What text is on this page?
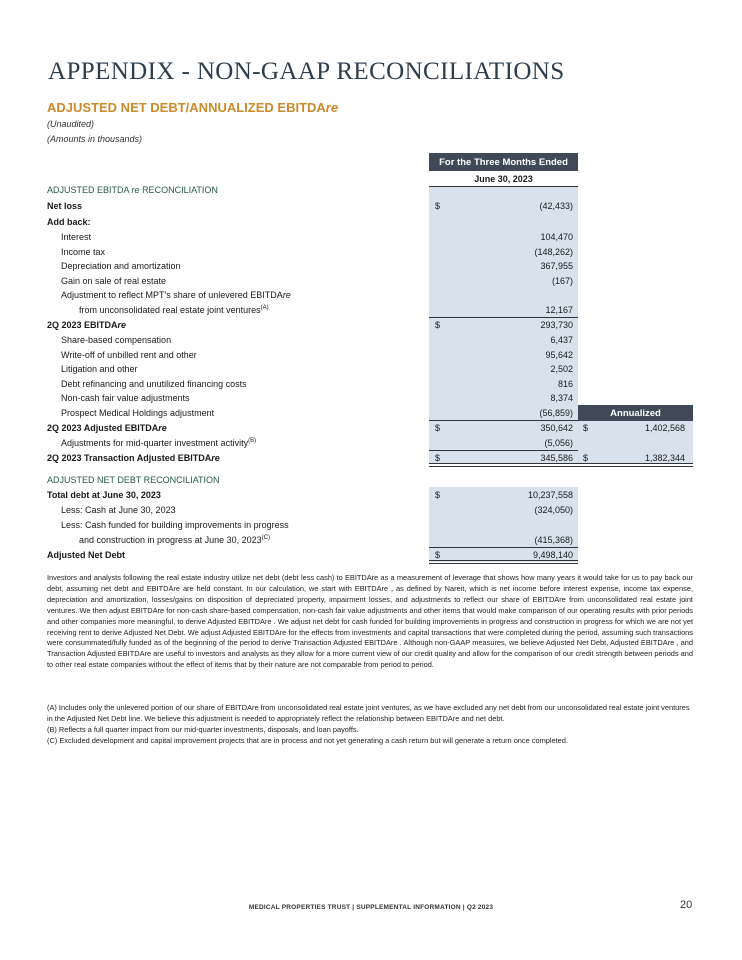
APPENDIX - NON-GAAP RECONCILIATIONS
ADJUSTED NET DEBT/ANNUALIZED EBITDAre
(Unaudited)
(Amounts in thousands)
For the Three Months Ended
June 30, 2023
Annualized
ADJUSTED EBITDA re RECONCILIATION
Net loss	$	(42,433)
Add back:
Interest	104,470
Income tax	(148,262)
Depreciation and amortization	367,955
Gain on sale of real estate	(167)
Adjustment to reflect MPT's share of unlevered EBITDAre
from unconsolidated real estate joint ventures$^{(A)}$	12,167
2Q 2023 EBITDAre	$	293,730
Share-based compensation	6,437
Write-off of unbilled rent and other	95,642
Litigation and other	2,502
Debt refinancing and unutilized financing costs	816
Non-cash fair value adjustments	8,374
Prospect Medical Holdings adjustment	(56,859)
2Q 2023 Adjusted EBITDAre	$	350,642 $	1,402,568
Adjustments for mid-quarter investment activity$^{(B)}$	(5,056)
2Q 2023 Transaction Adjusted EBITDAre	$	345,586 $	1,382,344
ADJUSTED NET DEBT RECONCILIATION
Total debt at June 30, 2023	$	10,237,558
Less: Cash at June 30, 2023	(324,050)
Less: Cash funded for building improvements in progress
and construction in progress at June 30, $2023^{(C)}$	(415,368)
Adjusted Net Debt	$	9,498,140

Investors and analysts following the real estate industry utilize net debt (debt less cash) to EBITDAre as a measurement of leverage that shows how many years it would take for us to pay back our debt, assuming net debt and EBITDAre are held constant. In our calculation, we start with EBITDAre , as defined by Nareit, which is net income before interest expense, income tax expense, depreciation and amortization, losses/gains on disposition of depreciated property, impairment losses, and adjustments to reflect our share of EBITDAre from unconsolidated real estate joint ventures. We then adjust EBITDAre for non-cash share-based compensation, non-cash fair value adjustments and other items that would make comparison of our operating results with prior periods and other companies more meaningful, to derive Adjusted EBITDAre . We adjust net debt for cash funded for building improvements in progress and construction in progress for which we are not yet receiving rent to derive Adjusted Net Debt. We adjust Adjusted EBITDAre for the effects from investments and capital transactions that were completed during the period, assuming such transactions were consummated/fully funded as of the beginning of the period to derive Transaction Adjusted EBITDAre . Although non-GAAP measures, we believe Adjusted Net Debt, Adjusted EBITDAre , and Transaction Adjusted EBITDAre are useful to investors and analysts as they allow for a more current view of our credit quality and allow for the comparison of our credit strength between periods and to other real estate companies without the effect of items that by their nature are not comparable from period to period.

(A) Includes only the unlevered portion of our share of EBITDAre from unconsolidated real estate joint ventures, as we have excluded any net debt from our unconsolidated real estate joint ventures in the Adjusted Net Debt line. We believe this adjustment is needed to appropriately reflect the relationship between EBITDAre and net debt.
(B) Reflects a full quarter impact from our mid-quarter investments, disposals, and loan payoffs.
(C) Excluded development and capital improvement projects that are in process and not yet generating a cash return but will generate a return once completed.
MEDICAL PROPERTIES TRUST | SUPPLEMENTAL INFORMATION | Q2 2023	20
